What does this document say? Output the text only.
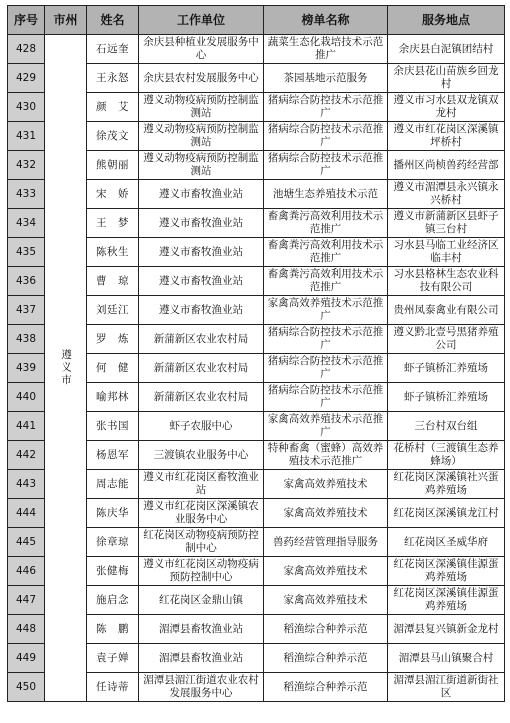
序号	市州	姓名	工作单位	榜单名称	服务地点
428	遵义市	石远奎	余庆县种植业发展服务中心	蔬菜生态化栽培技术示范推广	余庆县白泥镇团结村
429		王永怒	余庆县农村发展服务中心	茶园基地示范服务	余庆县花山苗族乡回龙村
430		颜　艾	遵义动物疫病预防控制监测站	猪病综合防控技术示范推广	遵义市习水县双龙镇双龙村
431		徐茂文	遵义动物疫病预防控制监测站	猪病综合防控技术示范推广	遵义市红花岗区深溪镇坪桥村
432		熊朝丽	遵义动物疫病预防控制监测站	猪病综合防控技术示范推广	播州区尚桢兽药经营部
433		宋　娇	遵义市畜牧渔业站	池塘生态养殖技术示范	遵义市湄潭县永兴镇永兴桥村
434		王　梦	遵义市畜牧渔业站	畜禽粪污高效利用技术示范推广	遵义市新蒲新区县虾子镇三台村
435		陈秋生	遵义市畜牧渔业站	畜禽粪污高效利用技术示范推广	习水县马临工业经济区临丰村
436		曹　琼	遵义市畜牧渔业站	畜禽粪污高效利用技术示范推广	习水县格林生态农业科技有限公司
437		刘廷江	遵义市畜牧渔业站	家禽高效养殖技术示范推广	贵州凤泰禽业有限公司
438		罗　炼	新蒲新区农业农村局	猪病综合防控技术示范推广	遵义黔北壹号黑猪养殖公司
439		何　健	新蒲新区农业农村局	猪病综合防控技术示范推广	虾子镇桥汇养殖场
440		喻邦林	新蒲新区农业农村局	猪病综合防控技术示范推广	虾子镇桥汇养殖场
441		张书国	虾子农服中心	家禽高效养殖技术示范推广	三台村双台组
442		杨恩军	三渡镇农业服务中心	特种畜禽（蜜蜂）高效养殖技术示范推广	花桥村（三渡镇生态养蜂场）
443		周志能	遵义市红花岗区畜牧渔业站	家禽高效养殖技术	红花岗区深溪镇社兴蛋鸡养殖场
444		陈庆华	遵义市红花岗区深溪镇农业服务中心	家禽高效养殖技术	红花岗区深溪镇龙江村
445		徐章琼	红花岗区动物疫病预防控制中心	兽药经营管理指导服务	红花岗区圣威华府
446		张健梅	遵义市红花岗区动物疫病预防控制中心	家禽高效养殖技术	红花岗区深溪镇佳源蛋鸡养殖场
447		施启念	红花岗区金鼎山镇	家禽高效养殖技术	红花岗区深溪镇佳源蛋鸡养殖场
448		陈　鹏	湄潭县畜牧渔业站	稻渔综合种养示范	湄潭县复兴镇新金龙村
449		袁子婵	湄潭县畜牧渔业站	稻渔综合种养示范	湄潭县马山镇聚合村
450		任诗蒂	湄潭县湄江街道农业农村发展服务中心	稻渔综合种养示范	湄潭县湄江街道新街社区
